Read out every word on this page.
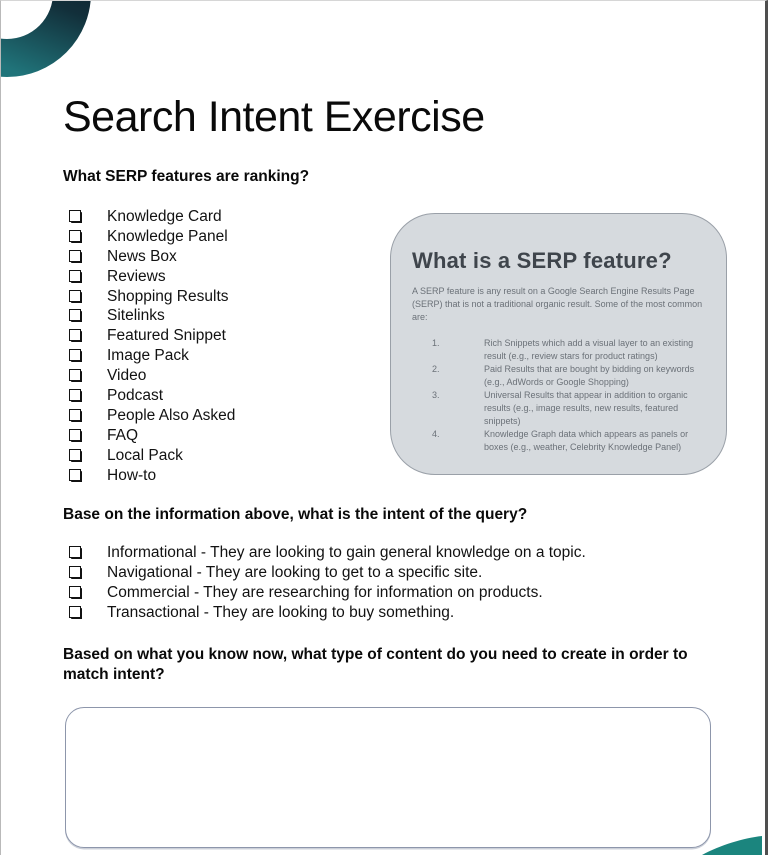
Search Intent Exercise
What SERP features are ranking?
Knowledge Card
Knowledge Panel
News Box
Reviews
Shopping Results
Sitelinks
Featured Snippet
Image Pack
Video
Podcast
People Also Asked
FAQ
Local Pack
How-to
What is a SERP feature?
A SERP feature is any result on a Google Search Engine Results Page (SERP) that is not a traditional organic result. Some of the most common are:
1.	Rich Snippets which add a visual layer to an existing result (e.g., review stars for product ratings)
2.	Paid Results that are bought by bidding on keywords (e.g., AdWords or Google Shopping)
3.	Universal Results that appear in addition to organic results (e.g., image results, new results, featured snippets)
4.	Knowledge Graph data which appears as panels or boxes (e.g., weather, Celebrity Knowledge Panel)
Base on the information above, what is the intent of the query?
Informational - They are looking to gain general knowledge on a topic.
Navigational - They are looking to get to a specific site.
Commercial - They are researching for information on products.
Transactional - They are looking to buy something.
Based on what you know now, what type of content do you need to create in order to match intent?
